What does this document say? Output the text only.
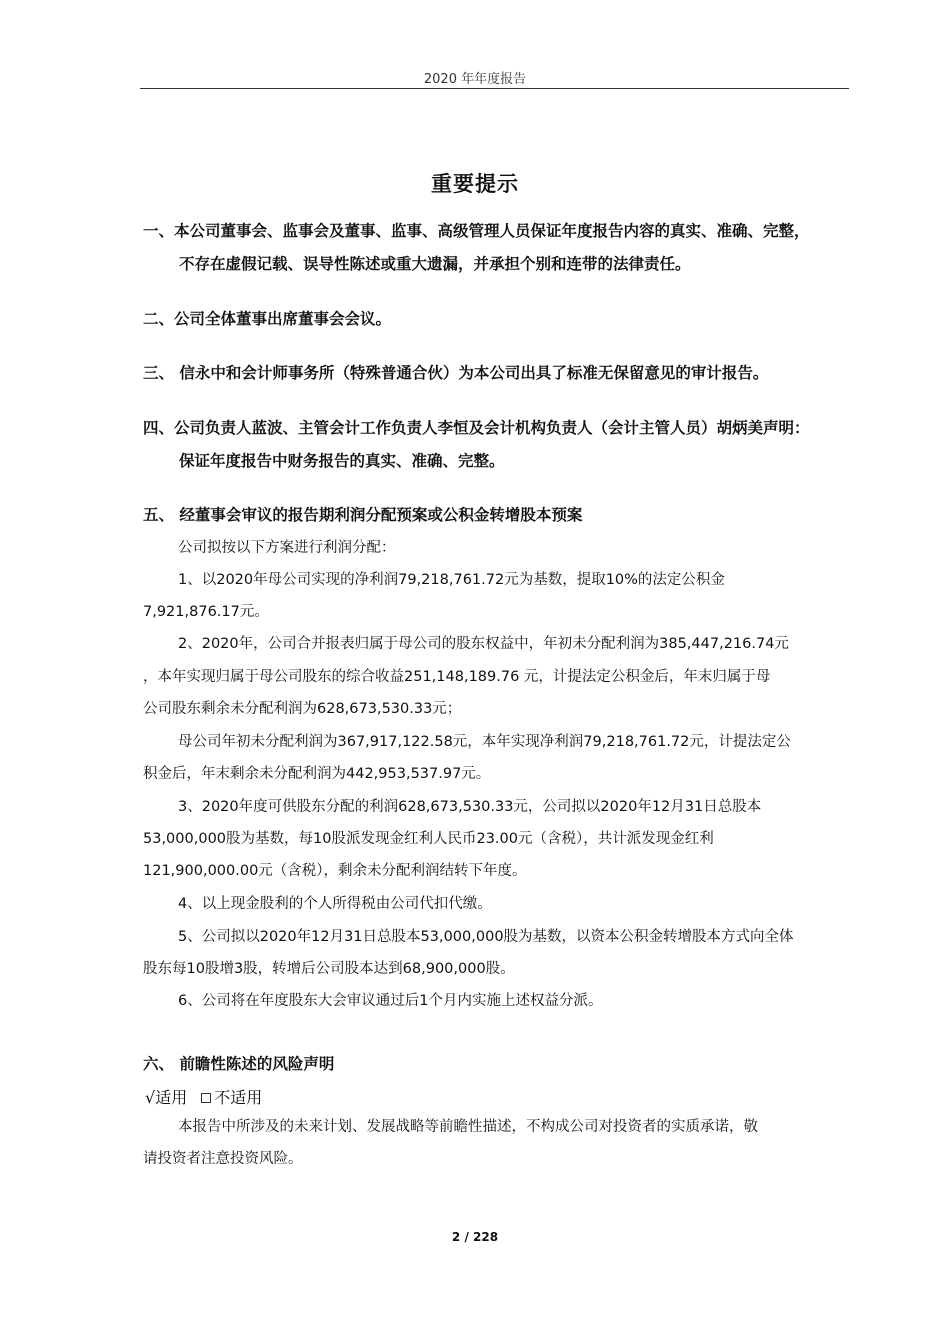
2020 年年度报告
重要提示
一、本公司董事会、监事会及董事、监事、高级管理人员保证年度报告内容的真实、准确、完整，
不存在虚假记载、误导性陈述或重大遗漏，并承担个别和连带的法律责任。
二、公司全体董事出席董事会会议。
三、 信永中和会计师事务所（特殊普通合伙）为本公司出具了标准无保留意见的审计报告。
四、公司负责人蓝波、主管会计工作负责人李恒及会计机构负责人（会计主管人员）胡炳美声明：
保证年度报告中财务报告的真实、准确、完整。
五、 经董事会审议的报告期利润分配预案或公积金转增股本预案
公司拟按以下方案进行利润分配：
1、以2020年母公司实现的净利润79,218,761.72元为基数，提取10%的法定公积金
7,921,876.17元。
2、2020年，公司合并报表归属于母公司的股东权益中，年初未分配利润为385,447,216.74元
，本年实现归属于母公司股东的综合收益251,148,189.76 元，计提法定公积金后，年末归属于母
公司股东剩余未分配利润为628,673,530.33元；
母公司年初未分配利润为367,917,122.58元，本年实现净利润79,218,761.72元，计提法定公
积金后，年末剩余未分配利润为442,953,537.97元。
3、2020年度可供股东分配的利润628,673,530.33元，公司拟以2020年12月31日总股本
53,000,000股为基数，每10股派发现金红利人民币23.00元（含税），共计派发现金红利
121,900,000.00元（含税），剩余未分配利润结转下年度。
4、以上现金股利的个人所得税由公司代扣代缴。
5、公司拟以2020年12月31日总股本53,000,000股为基数，以资本公积金转增股本方式向全体
股东每10股增3股，转增后公司股本达到68,900,000股。
6、公司将在年度股东大会审议通过后1个月内实施上述权益分派。
六、 前瞻性陈述的风险声明
√适用 不适用
本报告中所涉及的未来计划、发展战略等前瞻性描述，不构成公司对投资者的实质承诺，敬
请投资者注意投资风险。
2 / 228
